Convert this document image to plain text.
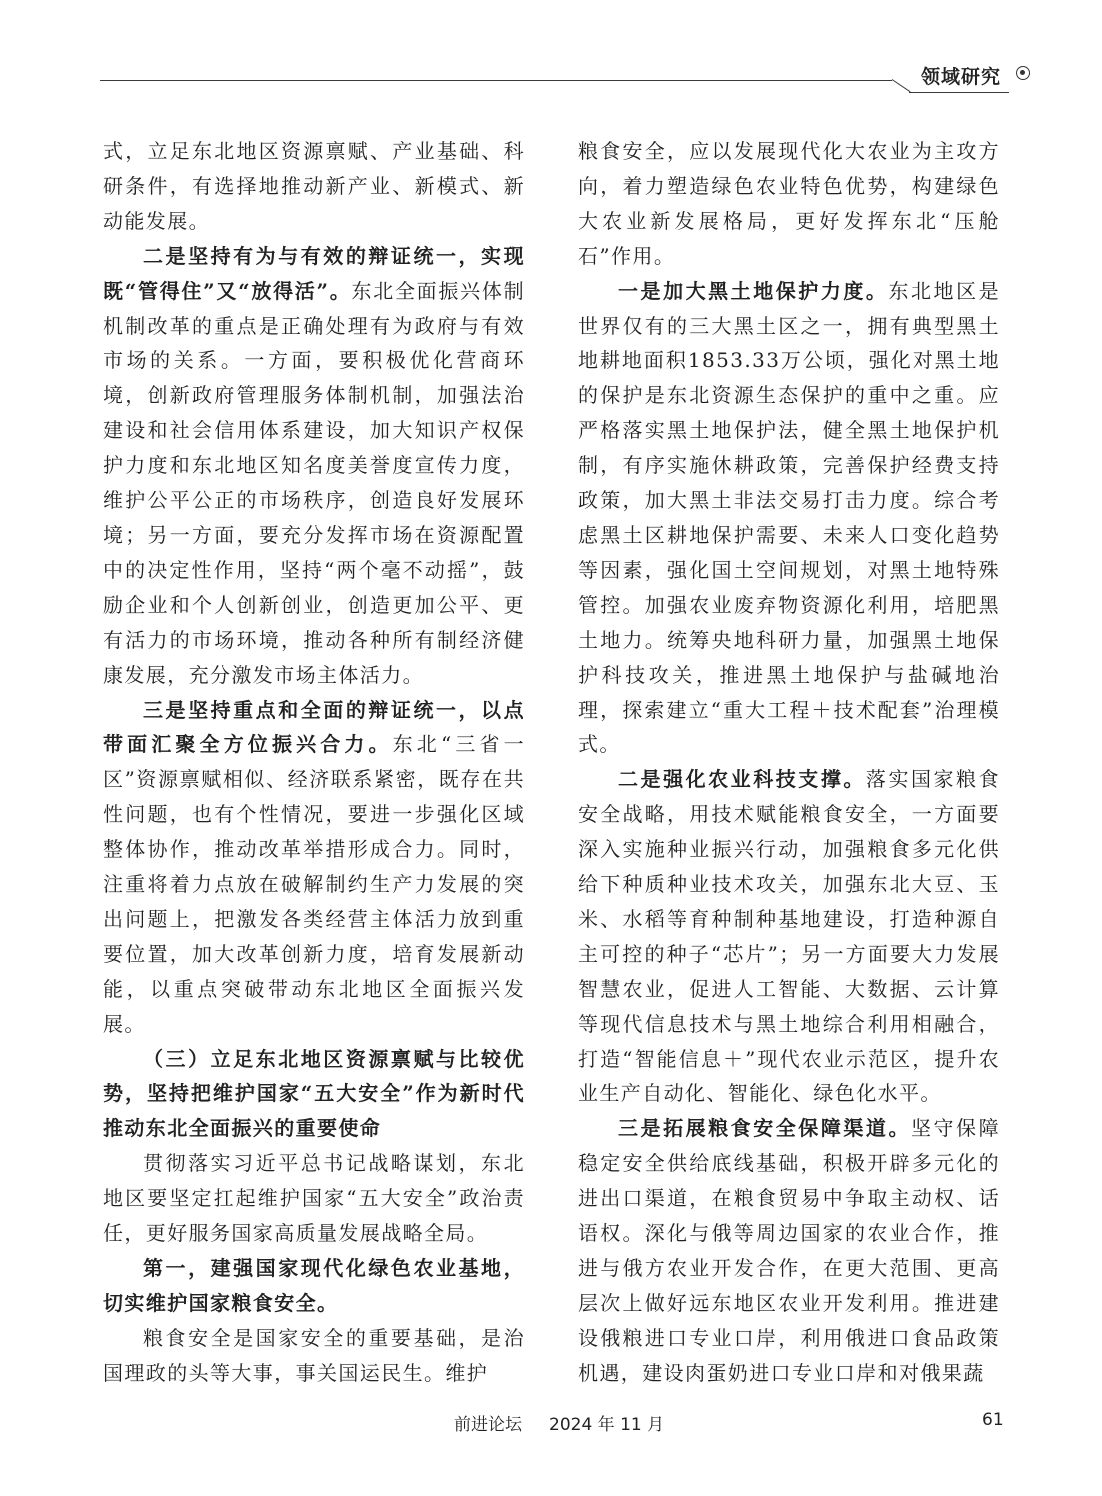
领域研究

式，立足东北地区资源禀赋、产业基础、科研条件，有选择地推动新产业、新模式、新动能发展。

二是坚持有为与有效的辩证统一，实现既“管得住”又“放得活”。东北全面振兴体制机制改革的重点是正确处理有为政府与有效市场的关系。一方面，要积极优化营商环境，创新政府管理服务体制机制，加强法治建设和社会信用体系建设，加大知识产权保护力度和东北地区知名度美誉度宣传力度，维护公平公正的市场秩序，创造良好发展环境；另一方面，要充分发挥市场在资源配置中的决定性作用，坚持“两个毫不动摇”，鼓励企业和个人创新创业，创造更加公平、更有活力的市场环境，推动各种所有制经济健康发展，充分激发市场主体活力。

三是坚持重点和全面的辩证统一，以点带面汇聚全方位振兴合力。东北“三省一区”资源禀赋相似、经济联系紧密，既存在共性问题，也有个性情况，要进一步强化区域整体协作，推动改革举措形成合力。同时，注重将着力点放在破解制约生产力发展的突出问题上，把激发各类经营主体活力放到重要位置，加大改革创新力度，培育发展新动能，以重点突破带动东北地区全面振兴发展。

（三）立足东北地区资源禀赋与比较优势，坚持把维护国家“五大安全”作为新时代推动东北全面振兴的重要使命

贯彻落实习近平总书记战略谋划，东北地区要坚定扛起维护国家“五大安全”政治责任，更好服务国家高质量发展战略全局。

第一，建强国家现代化绿色农业基地，切实维护国家粮食安全。

粮食安全是国家安全的重要基础，是治国理政的头等大事，事关国运民生。维护

粮食安全，应以发展现代化大农业为主攻方向，着力塑造绿色农业特色优势，构建绿色大农业新发展格局，更好发挥东北“压舱石”作用。

一是加大黑土地保护力度。东北地区是世界仅有的三大黑土区之一，拥有典型黑土地耕地面积1853.33万公顷，强化对黑土地的保护是东北资源生态保护的重中之重。应严格落实黑土地保护法，健全黑土地保护机制，有序实施休耕政策，完善保护经费支持政策，加大黑土非法交易打击力度。综合考虑黑土区耕地保护需要、未来人口变化趋势等因素，强化国土空间规划，对黑土地特殊管控。加强农业废弃物资源化利用，培肥黑土地力。统筹央地科研力量，加强黑土地保护科技攻关，推进黑土地保护与盐碱地治理，探索建立“重大工程＋技术配套”治理模式。

二是强化农业科技支撑。落实国家粮食安全战略，用技术赋能粮食安全，一方面要深入实施种业振兴行动，加强粮食多元化供给下种质种业技术攻关，加强东北大豆、玉米、水稻等育种制种基地建设，打造种源自主可控的种子“芯片”；另一方面要大力发展智慧农业，促进人工智能、大数据、云计算等现代信息技术与黑土地综合利用相融合，打造“智能信息＋”现代农业示范区，提升农业生产自动化、智能化、绿色化水平。

三是拓展粮食安全保障渠道。坚守保障稳定安全供给底线基础，积极开辟多元化的进出口渠道，在粮食贸易中争取主动权、话语权。深化与俄等周边国家的农业合作，推进与俄方农业开发合作，在更大范围、更高层次上做好远东地区农业开发利用。推进建设俄粮进口专业口岸，利用俄进口食品政策机遇，建设肉蛋奶进口专业口岸和对俄果蔬

前进论坛 2024 年 11 月	61
